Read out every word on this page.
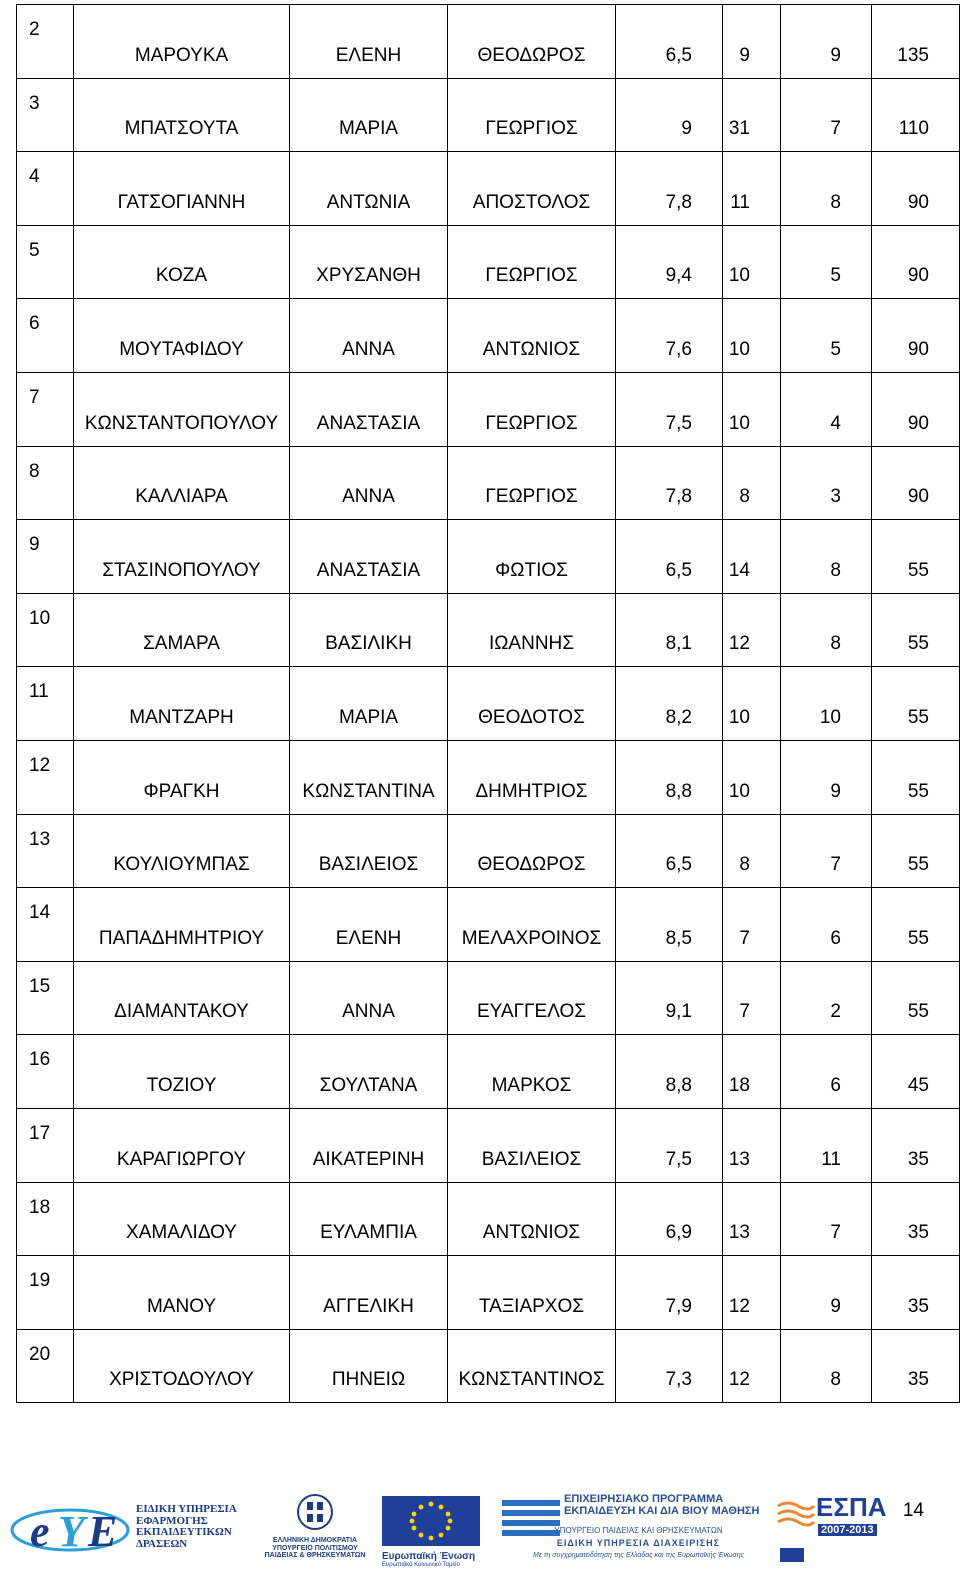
2	ΜΑΡΟΥΚΑ	ΕΛΕΝΗ	ΘΕΟΔΩΡΟΣ	6,5	9	9	135
3	ΜΠΑΤΣΟΥΤΑ	ΜΑΡΙΑ	ΓΕΩΡΓΙΟΣ	9	31	7	110
4	ΓΑΤΣΟΓΙΑΝΝΗ	ΑΝΤΩΝΙΑ	ΑΠΟΣΤΟΛΟΣ	7,8	11	8	90
5	ΚΟΖΑ	ΧΡΥΣΑΝΘΗ	ΓΕΩΡΓΙΟΣ	9,4	10	5	90
6	ΜΟΥΤΑΦΙΔΟΥ	ΑΝΝΑ	ΑΝΤΩΝΙΟΣ	7,6	10	5	90
7	ΚΩΝΣΤΑΝΤΟΠΟΥΛΟΥ	ΑΝΑΣΤΑΣΙΑ	ΓΕΩΡΓΙΟΣ	7,5	10	4	90
8	ΚΑΛΛΙΑΡΑ	ΑΝΝΑ	ΓΕΩΡΓΙΟΣ	7,8	8	3	90
9	ΣΤΑΣΙΝΟΠΟΥΛΟΥ	ΑΝΑΣΤΑΣΙΑ	ΦΩΤΙΟΣ	6,5	14	8	55
10	ΣΑΜΑΡΑ	ΒΑΣΙΛΙΚΗ	ΙΩΑΝΝΗΣ	8,1	12	8	55
11	ΜΑΝΤΖΑΡΗ	ΜΑΡΙΑ	ΘΕΟΔΟΤΟΣ	8,2	10	10	55
12	ΦΡΑΓΚΗ	ΚΩΝΣΤΑΝΤΙΝΑ	ΔΗΜΗΤΡΙΟΣ	8,8	10	9	55
13	ΚΟΥΛΙΟΥΜΠΑΣ	ΒΑΣΙΛΕΙΟΣ	ΘΕΟΔΩΡΟΣ	6,5	8	7	55
14	ΠΑΠΑΔΗΜΗΤΡΙΟΥ	ΕΛΕΝΗ	ΜΕΛΑΧΡΟΙΝΟΣ	8,5	7	6	55
15	ΔΙΑΜΑΝΤΑΚΟΥ	ΑΝΝΑ	ΕΥΑΓΓΕΛΟΣ	9,1	7	2	55
16	ΤΟΖΙΟΥ	ΣΟΥΛΤΑΝΑ	ΜΑΡΚΟΣ	8,8	18	6	45
17	ΚΑΡΑΓΙΩΡΓΟΥ	ΑΙΚΑΤΕΡΙΝΗ	ΒΑΣΙΛΕΙΟΣ	7,5	13	11	35
18	ΧΑΜΑΛΙΔΟΥ	ΕΥΛΑΜΠΙΑ	ΑΝΤΩΝΙΟΣ	6,9	13	7	35
19	ΜΑΝΟΥ	ΑΓΓΕΛΙΚΗ	ΤΑΞΙΑΡΧΟΣ	7,9	12	9	35
20	ΧΡΙΣΤΟΔΟΥΛΟΥ	ΠΗΝΕΙΩ	ΚΩΝΣΤΑΝΤΙΝΟΣ	7,3	12	8	35
e Y E ΕΙΔΙΚΗ ΥΠΗΡΕΣΙΑ ΕΦΑΡΜΟΓΗΣ ΕΚΠΑΙΔΕΥΤΙΚΩΝ ΔΡΑΣΕΩΝ	ΕΛΛΗΝΙΚΗ ΔΗΜΟΚΡΑΤΙΑ ΥΠΟΥΡΓΕΙΟ ΠΟΛΙΤΙΣΜΟΥ ΠΑΙΔΕΙΑΣ & ΘΡΗΣΚΕΥΜΑΤΩΝ	Ευρωπαϊκή Ένωση
Ευρωπαϊκό Κοινωνικό Ταμείο
ΕΠΙΧΕΙΡΗΣΙΑΚΟ ΠΡΟΓΡΑΜΜΑ ΕΚΠΑΙΔΕΥΣΗ ΚΑΙ ΔΙΑ ΒΙΟΥ ΜΑΘΗΣΗ
ΥΠΟΥΡΓΕΙΟ ΠΑΙΔΕΙΑΣ ΚΑΙ ΘΡΗΣΚΕΥΜΑΤΩΝ
ΕΙΔΙΚΗ ΥΠΗΡΕΣΙΑ ΔΙΑΧΕΙΡΙΣΗΣ
Με τη συγχρηματοδότηση της Ελλάδας και της Ευρωπαϊκής Ένωσης
ΕΣΠΑ
2007-2013
14
